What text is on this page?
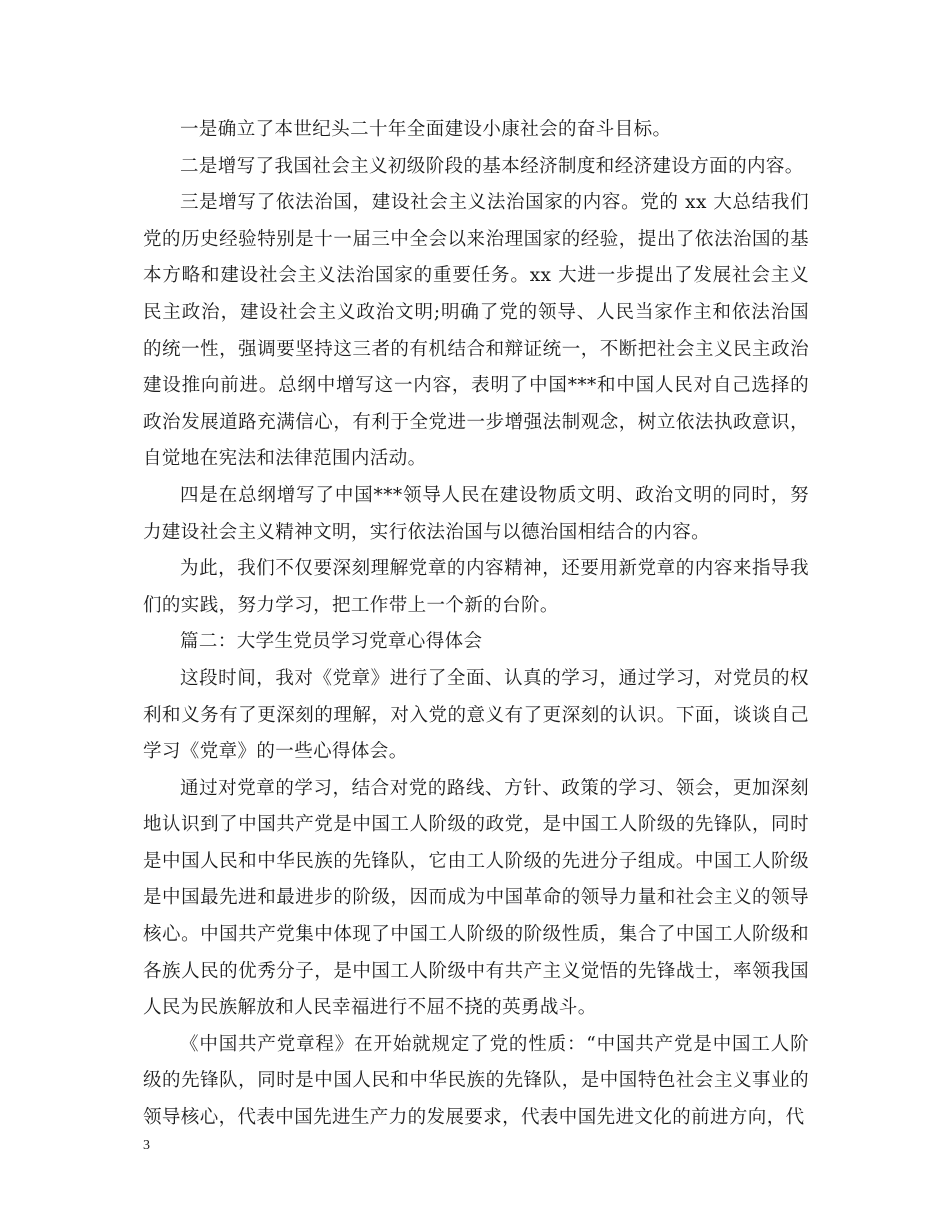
一是确立了本世纪头二十年全面建设小康社会的奋斗目标。

二是增写了我国社会主义初级阶段的基本经济制度和经济建设方面的内容。

三是增写了依法治国，建设社会主义法治国家的内容。党的 xx 大总结我们党的历史经验特别是十一届三中全会以来治理国家的经验，提出了依法治国的基本方略和建设社会主义法治国家的重要任务。xx 大进一步提出了发展社会主义民主政治，建设社会主义政治文明;明确了党的领导、人民当家作主和依法治国的统一性，强调要坚持这三者的有机结合和辩证统一，不断把社会主义民主政治建设推向前进。总纲中增写这一内容，表明了中国***和中国人民对自己选择的政治发展道路充满信心，有利于全党进一步增强法制观念，树立依法执政意识，自觉地在宪法和法律范围内活动。

四是在总纲增写了中国***领导人民在建设物质文明、政治文明的同时，努力建设社会主义精神文明，实行依法治国与以德治国相结合的内容。

为此，我们不仅要深刻理解党章的内容精神，还要用新党章的内容来指导我们的实践，努力学习，把工作带上一个新的台阶。

篇二：大学生党员学习党章心得体会

这段时间，我对《党章》进行了全面、认真的学习，通过学习，对党员的权利和义务有了更深刻的理解，对入党的意义有了更深刻的认识。下面，谈谈自己学习《党章》的一些心得体会。

通过对党章的学习，结合对党的路线、方针、政策的学习、领会，更加深刻地认识到了中国共产党是中国工人阶级的政党，是中国工人阶级的先锋队，同时是中国人民和中华民族的先锋队，它由工人阶级的先进分子组成。中国工人阶级是中国最先进和最进步的阶级，因而成为中国革命的领导力量和社会主义的领导核心。中国共产党集中体现了中国工人阶级的阶级性质，集合了中国工人阶级和各族人民的优秀分子，是中国工人阶级中有共产主义觉悟的先锋战士，率领我国人民为民族解放和人民幸福进行不屈不挠的英勇战斗。

《中国共产党章程》在开始就规定了党的性质：“中国共产党是中国工人阶级的先锋队，同时是中国人民和中华民族的先锋队，是中国特色社会主义事业的领导核心，代表中国先进生产力的发展要求，代表中国先进文化的前进方向，代

3
